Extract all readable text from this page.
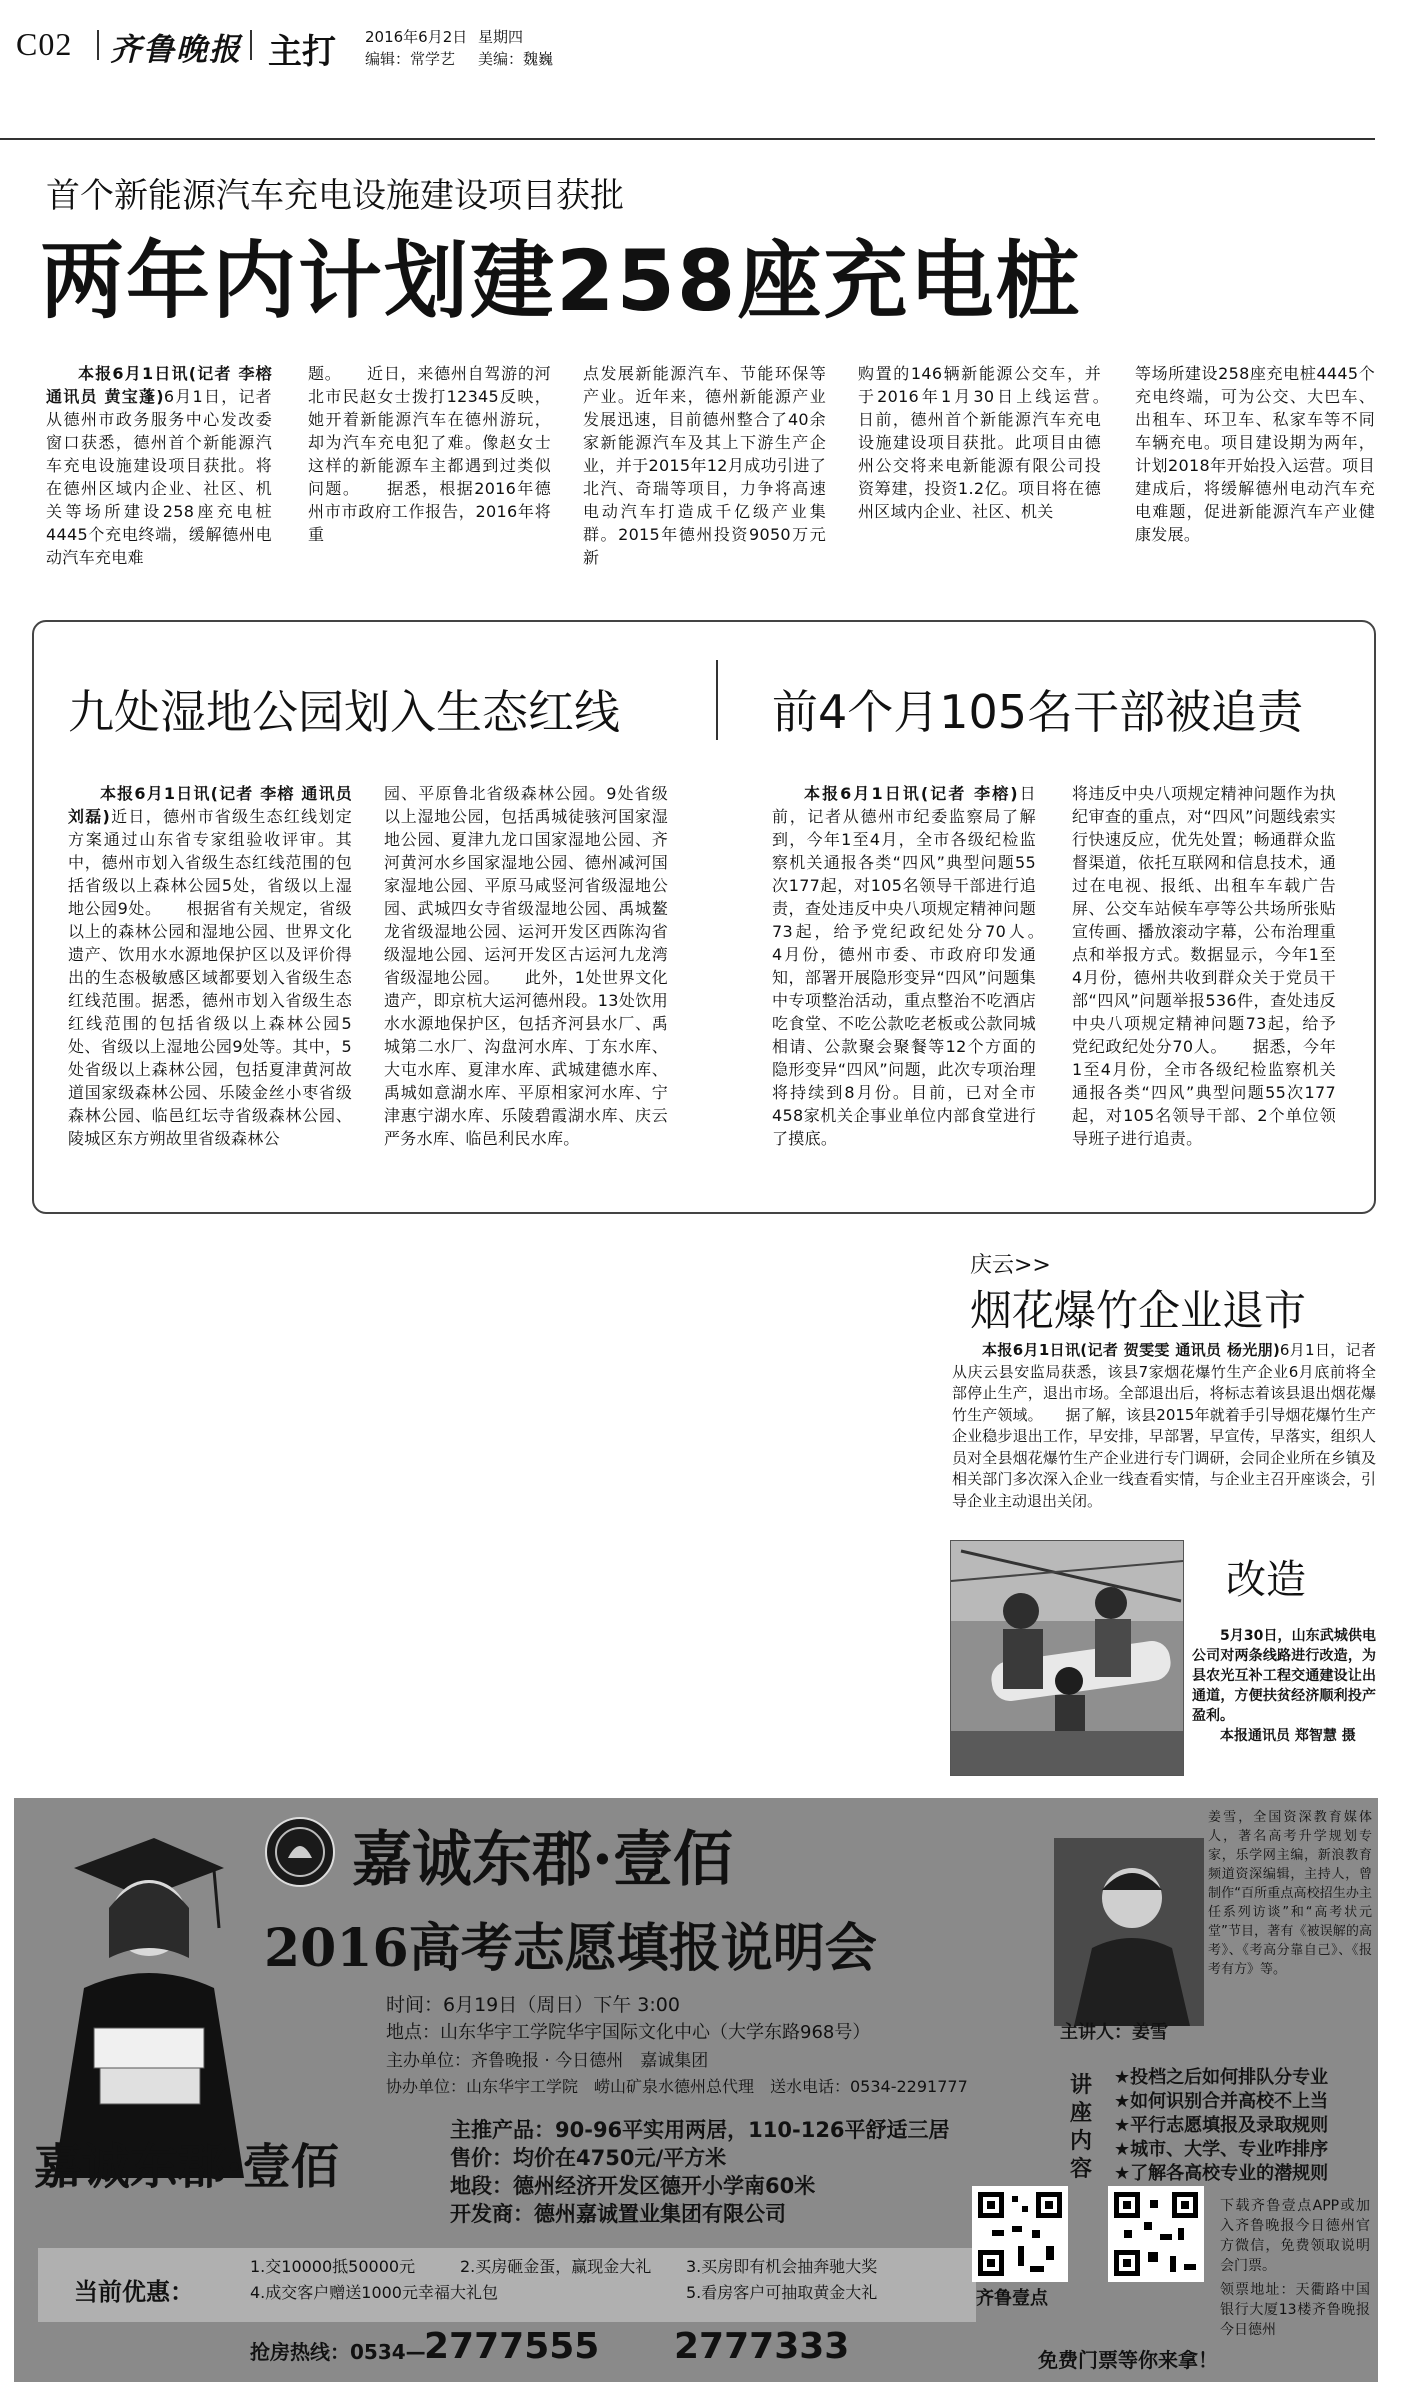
C02 齐鲁晚报 主打 2016年6月2日 星期四
编辑：常学艺 美编：魏巍
首个新能源汽车充电设施建设项目获批
两年内计划建258座充电桩

本报6月1日讯(记者 李榕 通讯员 黄宝蓬)6月1日，记者从德州市政务服务中心发改委窗口获悉，德州首个新能源汽车充电设施建设项目获批。将在德州区域内企业、社区、机关等场所建设258座充电桩4445个充电终端，缓解德州电动汽车充电难

题。　　近日，来德州自驾游的河北市民赵女士拨打12345反映，她开着新能源汽车在德州游玩，却为汽车充电犯了难。像赵女士这样的新能源车主都遇到过类似问题。　　据悉，根据2016年德州市市政府工作报告，2016年将重
点发展新能源汽车、节能环保等产业。近年来，德州新能源产业发展迅速，目前德州整合了40余家新能源汽车及其上下游生产企业，并于2015年12月成功引进了北汽、奇瑞等项目，力争将高速电动汽车打造成千亿级产业集群。2015年德州投资9050万元新
购置的146辆新能源公交车，并于2016年1月30日上线运营。　　日前，德州首个新能源汽车充电设施建设项目获批。此项目由德州公交将来电新能源有限公司投资筹建，投资1.2亿。项目将在德州区域内企业、社区、机关
等场所建设258座充电桩4445个充电终端，可为公交、大巴车、出租车、环卫车、私家车等不同车辆充电。项目建设期为两年，计划2018年开始投入运营。项目建成后，将缓解德州电动汽车充电难题，促进新能源汽车产业健康发展。
九处湿地公园划入生态红线

本报6月1日讯(记者 李榕 通讯员 刘磊)近日，德州市省级生态红线划定方案通过山东省专家组验收评审。其中，德州市划入省级生态红线范围的包括省级以上森林公园5处，省级以上湿地公园9处。　　根据省有关规定，省级以上的森林公园和湿地公园、世界文化遗产、饮用水水源地保护区以及评价得出的生态极敏感区域都要划入省级生态红线范围。据悉，德州市划入省级生态红线范围的包括省级以上森林公园5处、省级以上湿地公园9处等。其中，5处省级以上森林公园，包括夏津黄河故道国家级森林公园、乐陵金丝小枣省级森林公园、临邑红坛寺省级森林公园、陵城区东方朔故里省级森林公

园、平原鲁北省级森林公园。9处省级以上湿地公园，包括禹城徒骇河国家湿地公园、夏津九龙口国家湿地公园、齐河黄河水乡国家湿地公园、德州减河国家湿地公园、平原马咸竖河省级湿地公园、武城四女寺省级湿地公园、禹城鳌龙省级湿地公园、运河开发区西陈沟省级湿地公园、运河开发区古运河九龙湾省级湿地公园。　　此外，1处世界文化遗产，即京杭大运河德州段。13处饮用水水源地保护区，包括齐河县水厂、禹城第二水厂、沟盘河水库、丁东水库、大屯水库、夏津水库、武城建德水库、禹城如意湖水库、平原相家河水库、宁津惠宁湖水库、乐陵碧霞湖水库、庆云严务水库、临邑利民水库。
前4个月105名干部被追责

本报6月1日讯(记者 李榕)日前，记者从德州市纪委监察局了解到，今年1至4月，全市各级纪检监察机关通报各类“四风”典型问题55次177起，对105名领导干部进行追责，查处违反中央八项规定精神问题73起，给予党纪政纪处分70人。　　4月份，德州市委、市政府印发通知，部署开展隐形变异“四风”问题集中专项整治活动，重点整治不吃酒店吃食堂、不吃公款吃老板或公款同城相请、公款聚会聚餐等12个方面的隐形变异“四风”问题，此次专项治理将持续到8月份。目前，已对全市458家机关企事业单位内部食堂进行了摸底。

将违反中央八项规定精神问题作为执纪审查的重点，对“四风”问题线索实行快速反应，优先处置；畅通群众监督渠道，依托互联网和信息技术，通过在电视、报纸、出租车车载广告屏、公交车站候车亭等公共场所张贴宣传画、播放滚动字幕，公布治理重点和举报方式。数据显示，今年1至4月份，德州共收到群众关于党员干部“四风”问题举报536件，查处违反中央八项规定精神问题73起，给予党纪政纪处分70人。　　据悉，今年1至4月份，全市各级纪检监察机关通报各类“四风”典型问题55次177起，对105名领导干部、2个单位领导班子进行追责。
庆云>>
烟花爆竹企业退市

本报6月1日讯(记者 贺雯雯 通讯员 杨光朋)6月1日，记者从庆云县安监局获悉，该县7家烟花爆竹生产企业6月底前将全部停止生产，退出市场。全部退出后，将标志着该县退出烟花爆竹生产领域。　　据了解，该县2015年就着手引导烟花爆竹生产企业稳步退出工作，早安排，早部署，早宣传，早落实，组织人员对全县烟花爆竹生产企业进行专门调研，会同企业所在乡镇及相关部门多次深入企业一线查看实情，与企业主召开座谈会，引导企业主动退出关闭。

改造

5月30日，山东武城供电公司对两条线路进行改造，为县农光互补工程交通建设让出通道，方便扶贫经济顺利投产盈利。

本报通讯员 郑智慧 摄

嘉诚东郡·壹佰
2016高考志愿填报说明会
时间：6月19日（周日）下午 3:00
地点：山东华宇工学院华宇国际文化中心（大学东路968号）
主办单位：齐鲁晚报 · 今日德州　嘉诚集团
协办单位：山东华宇工学院　崂山矿泉水德州总代理　送水电话：0534-2291777
主讲人：姜雪
姜雪，全国资深教育媒体人，著名高考升学规划专家，乐学网主编，新浪教育频道资深编辑，主持人，曾制作“百所重点高校招生办主任系列访谈”和“高考状元堂”节目，著有《被误解的高考》、《考高分靠自己》、《报考有方》等。
讲座内容
★投档之后如何排队分专业
★如何识别合并高校不上当
★平行志愿填报及录取规则
★城市、大学、专业咋排序
★了解各高校专业的潜规则
嘉诚东郡·壹佰
主推产品：90-96平实用两居，110-126平舒适三居
售价：均价在4750元/平方米
地段：德州经济开发区德开小学南60米
开发商：德州嘉诚置业集团有限公司
当前优惠：
1.交10000抵50000元
4.成交客户赠送1000元幸福大礼包
2.买房砸金蛋，赢现金大礼 3.买房即有机会抽奔驰大奖
5.看房客户可抽取黄金大礼
抢房热线：0534—
2777555 2777333
齐鲁壹点
下载齐鲁壹点APP或加入齐鲁晚报今日德州官方微信，免费领取说明会门票。
领票地址：天衢路中国银行大厦13楼齐鲁晚报今日德州
免费门票等你来拿！
